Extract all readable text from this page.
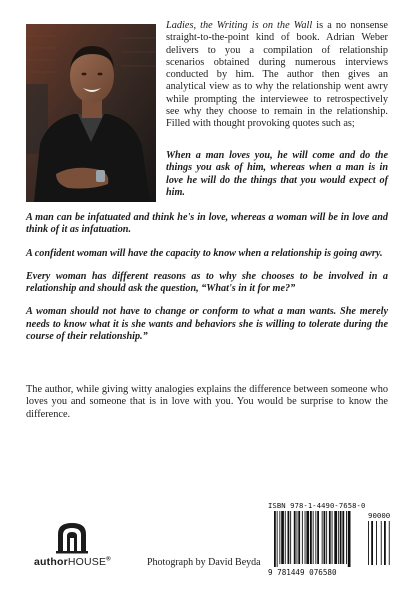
Ladies, the Writing is on the Wall is a no nonsense straight-to-the-point kind of book. Adrian Weber delivers to you a compilation of relationship scenarios obtained during numerous interviews conducted by him. The author then gives an analytical view as to why the relationship went awry while prompting the interviewee to retrospectively see why they choose to remain in the relationship. Filled with thought provoking quotes such as;

When a man loves you, he will come and do the things you ask of him, whereas when a man is in love he will do the things that you would expect of him.

A man can be infatuated and think he's in love, whereas a woman will be in love and think of it as infatuation.

A confident woman will have the capacity to know when a relationship is going awry.

Every woman has different reasons as to why she chooses to be involved in a relationship and should ask the question, “What's in it for me?”

A woman should not have to change or conform to what a man wants. She merely needs to know what it is she wants and behaviors she is willing to tolerate during the course of their relationship.”

The author, while giving witty analogies explains the difference between someone who loves you and someone that is in love with you. You would be surprise to know the difference.

authorHOUSE®	Photograph by David Beyda
ISBN 978-1-4490-7658-0
9 781449 076580
90000
